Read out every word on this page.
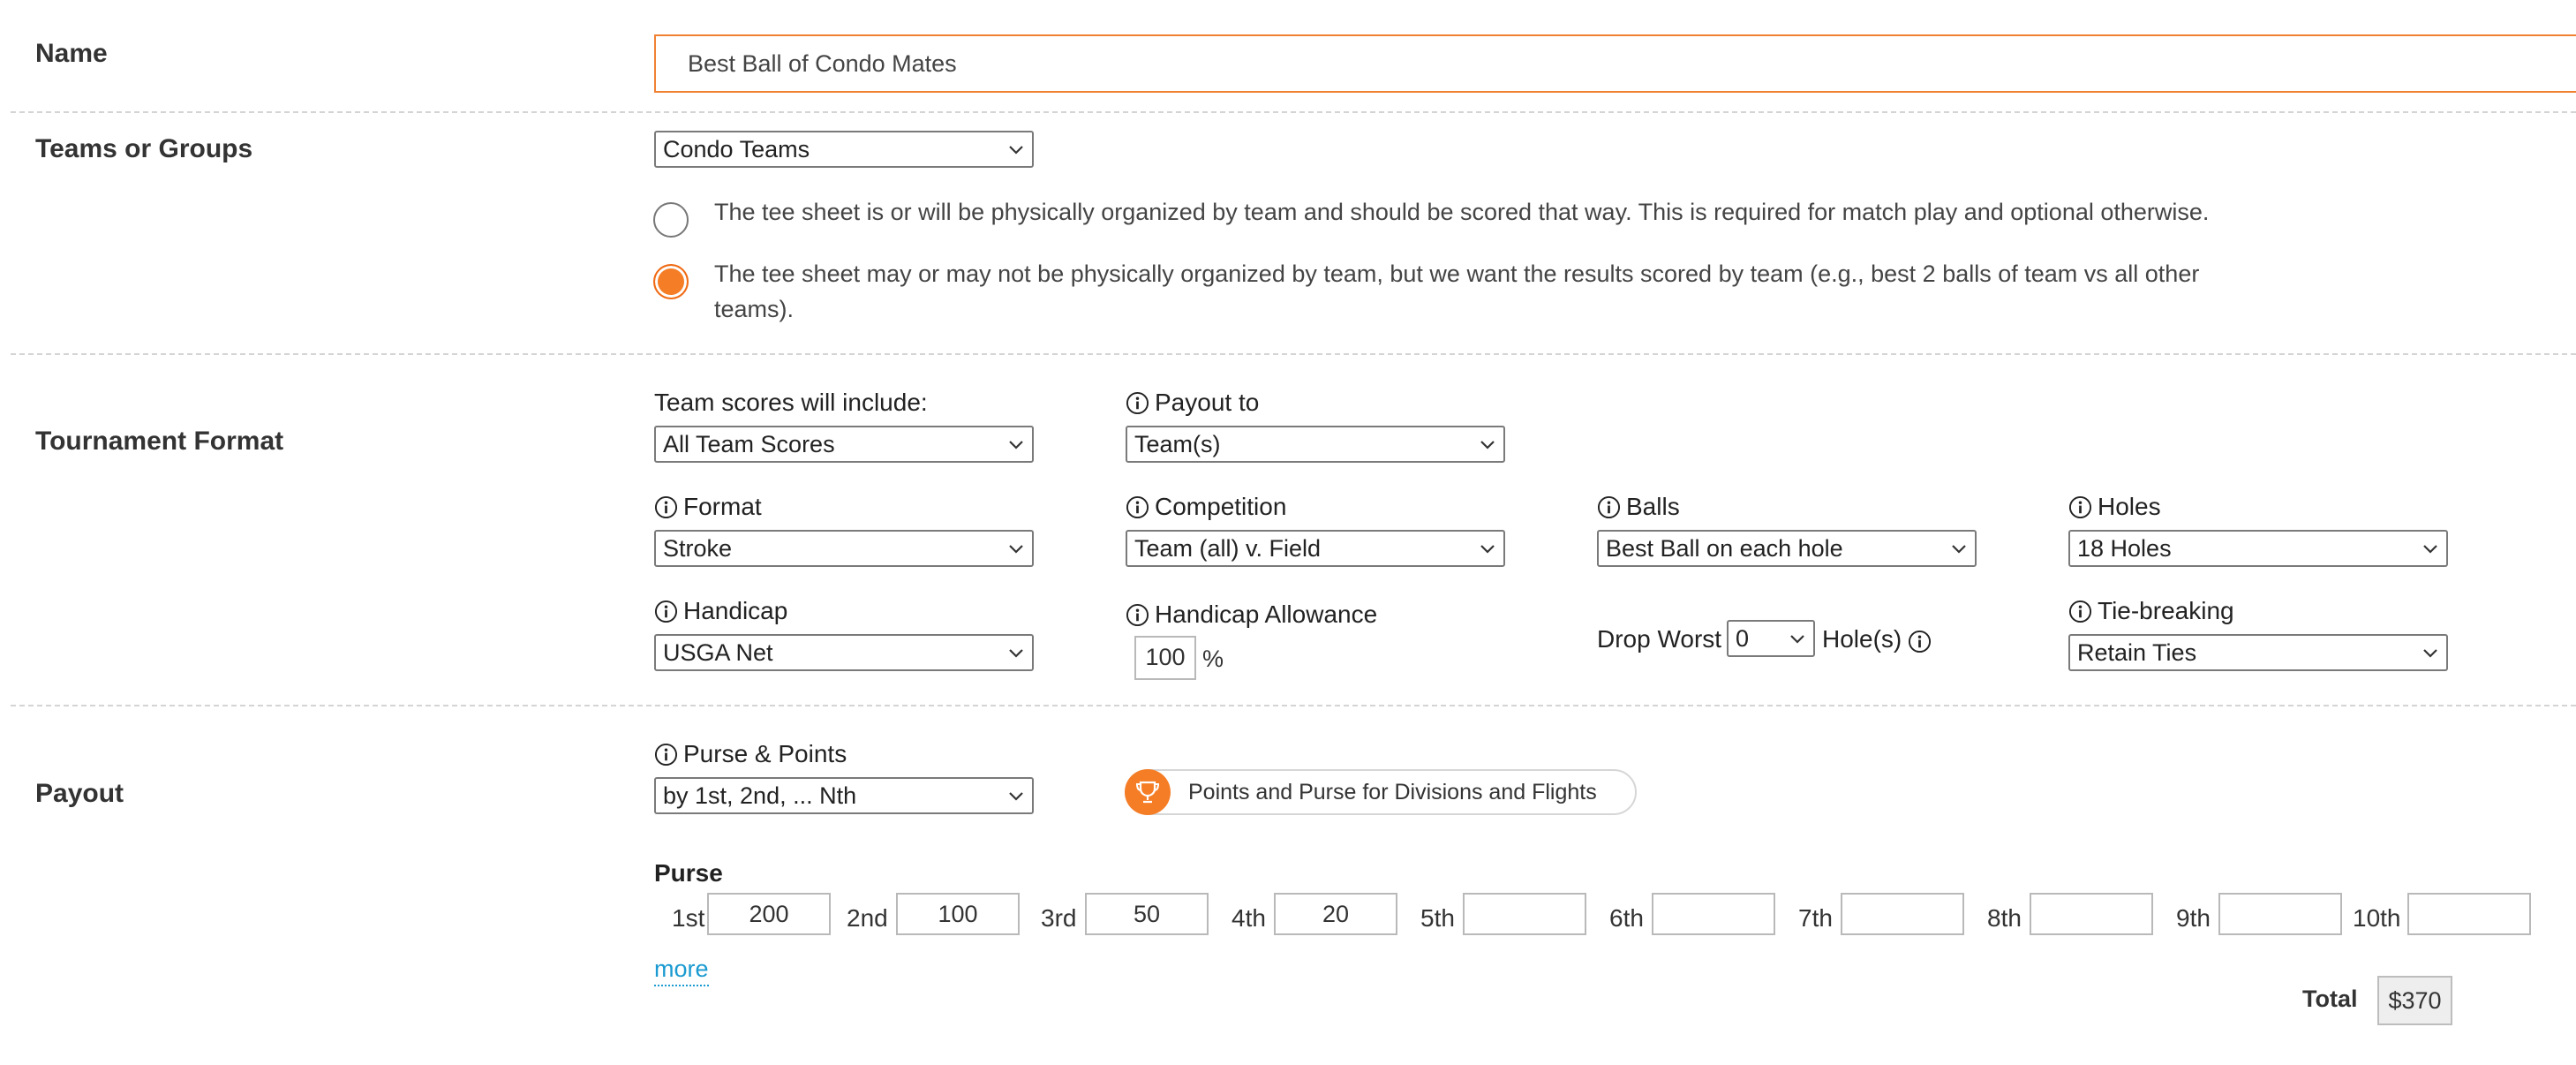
Name
Best Ball of Condo Mates
Teams or Groups	Condo Teams
The tee sheet is or will be physically organized by team and should be scored that way. This is required for match play and optional otherwise.
The tee sheet may or may not be physically organized by team, but we want the results scored by team (e.g., best 2 balls of team vs all other
teams).
Tournament Format
Team scores will include:
All Team Scores
Payout to
Team(s)
Format
Stroke
Competition
Team (all) v. Field
Balls
Best Ball on each hole
Holes
18 Holes
Handicap
USGA Net
Handicap Allowance
100 %
Drop Worst 0	Hole(s)
Tie-breaking
Retain Ties
Payout
Purse & Points
by 1st, 2nd, ... Nth	Points and Purse for Divisions and Flights
Purse
1st	200	2nd	100	3rd	50	4th	20	5th	6th	7th	8th	9th	10th
more
Total	$370
